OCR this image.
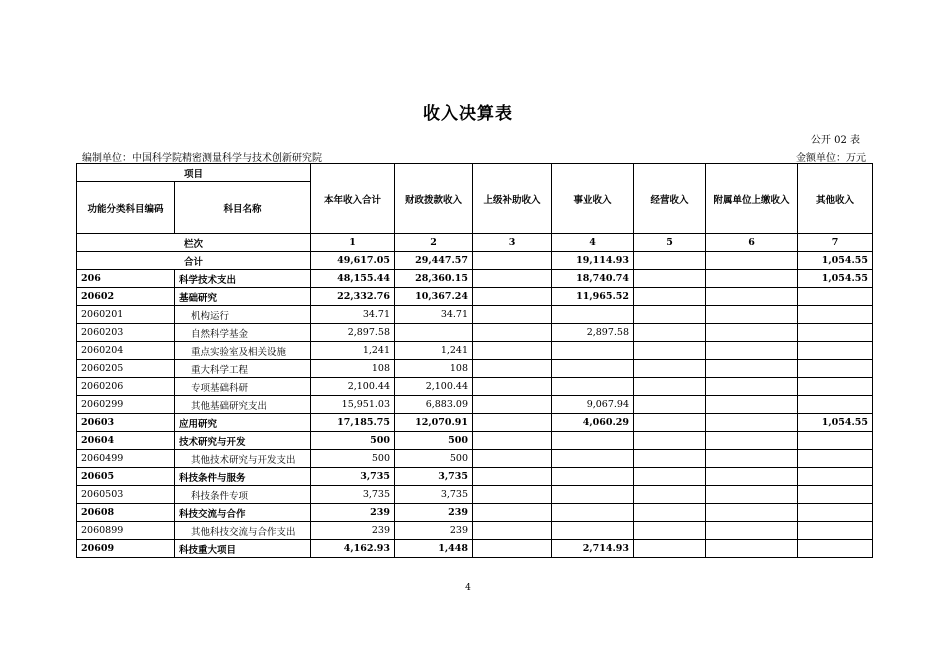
收入决算表
公开 02 表
编制单位：中国科学院精密测量科学与技术创新研究院	金额单位：万元
项目		本年收入合计	财政拨款收入	上级补助收入	事业收入	经营收入	附属单位上缴收入	其他收入
功能分类科目编码	科目名称							
栏次		1	2	3	4	5	6	7
合计		49,617.05	29,447.57		19,114.93			1,054.55
206	科学技术支出	48,155.44	28,360.15		18,740.74			1,054.55
20602	基础研究	22,332.76	10,367.24		11,965.52			
2060201	机构运行	34.71	34.71					
2060203	自然科学基金	2,897.58			2,897.58			
2060204	重点实验室及相关设施	1,241	1,241					
2060205	重大科学工程	108	108					
2060206	专项基础科研	2,100.44	2,100.44					
2060299	其他基础研究支出	15,951.03	6,883.09		9,067.94			
20603	应用研究	17,185.75	12,070.91		4,060.29			1,054.55
20604	技术研究与开发	500	500					
2060499	其他技术研究与开发支出	500	500					
20605	科技条件与服务	3,735	3,735					
2060503	科技条件专项	3,735	3,735					
20608	科技交流与合作	239	239					
2060899	其他科技交流与合作支出	239	239					
20609	科技重大项目	4,162.93	1,448		2,714.93			
4
